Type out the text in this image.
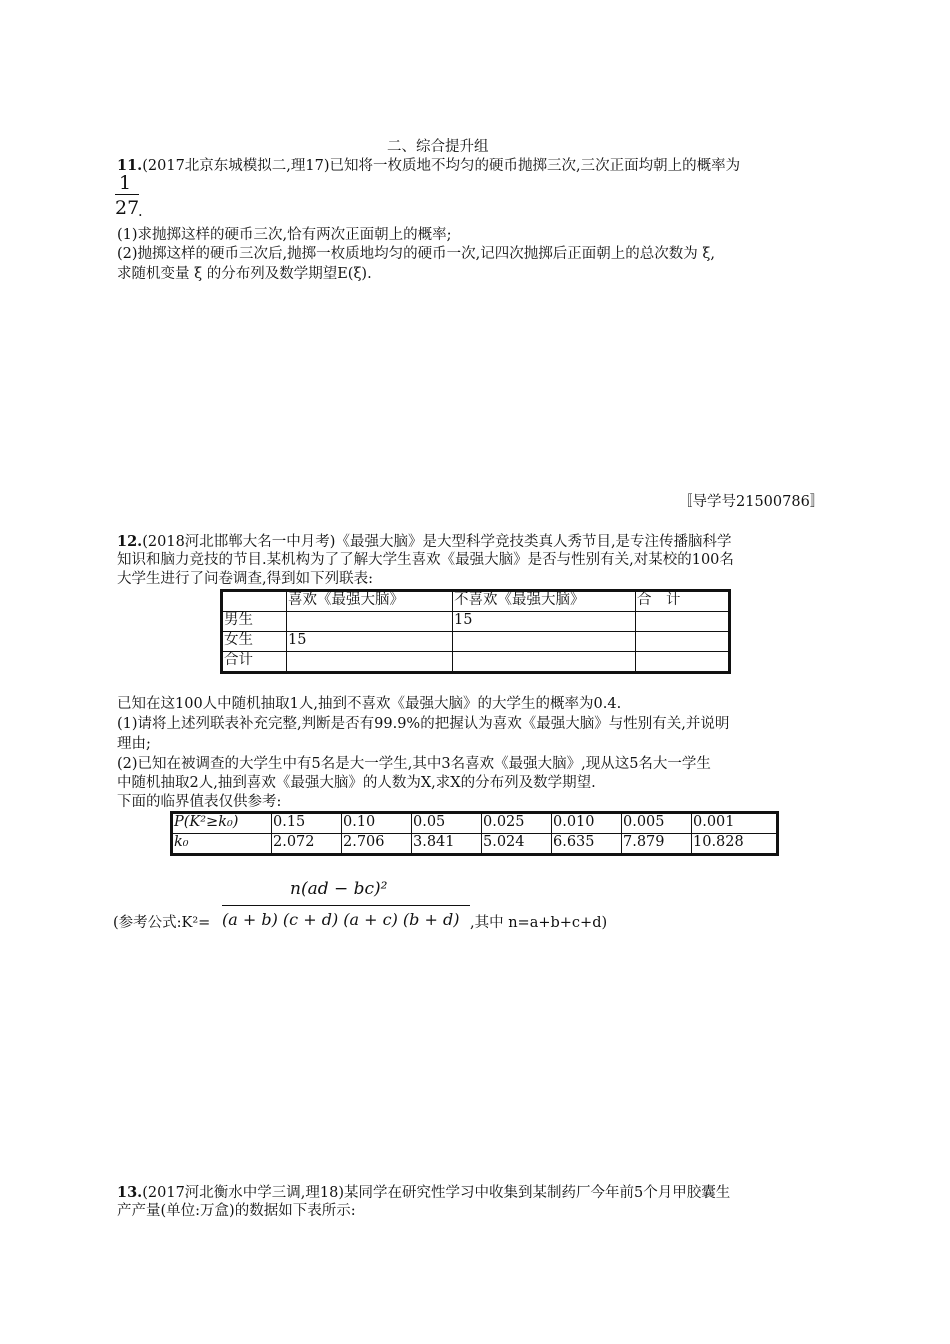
二、综合提升组
11.(2017北京东城模拟二,理17)已知将一枚质地不均匀的硬币抛掷三次,三次正面均朝上的概率为
1
27
.
(1)求抛掷这样的硬币三次,恰有两次正面朝上的概率;
(2)抛掷这样的硬币三次后,抛掷一枚质地均匀的硬币一次,记四次抛掷后正面朝上的总次数为 ξ,
求随机变量 ξ 的分布列及数学期望E(ξ).
〚导学号21500786〛
12.(2018河北邯郸大名一中月考)《最强大脑》是大型科学竞技类真人秀节目,是专注传播脑科学
知识和脑力竞技的节目.某机构为了了解大学生喜欢《最强大脑》是否与性别有关,对某校的100名
大学生进行了问卷调查,得到如下列联表:
	喜欢《最强大脑》	不喜欢《最强大脑》	合　计
男生		15	
女生	15		
合计			
已知在这100人中随机抽取1人,抽到不喜欢《最强大脑》的大学生的概率为0.4.
(1)请将上述列联表补充完整,判断是否有99.9%的把握认为喜欢《最强大脑》与性别有关,并说明
理由;
(2)已知在被调查的大学生中有5名是大一学生,其中3名喜欢《最强大脑》,现从这5名大一学生
中随机抽取2人,抽到喜欢《最强大脑》的人数为X,求X的分布列及数学期望.
下面的临界值表仅供参考:
P(K²≥k₀)	0.15	0.10	0.05	0.025	0.010	0.005	0.001
k₀	2.072	2.706	3.841	5.024	6.635	7.879	10.828
n(ad − bc)²
(参考公式:K²= (a + b) (c + d) (a + c) (b + d) ,其中 n=a+b+c+d)
13.(2017河北衡水中学三调,理18)某同学在研究性学习中收集到某制药厂今年前5个月甲胶囊生
产产量(单位:万盒)的数据如下表所示:
